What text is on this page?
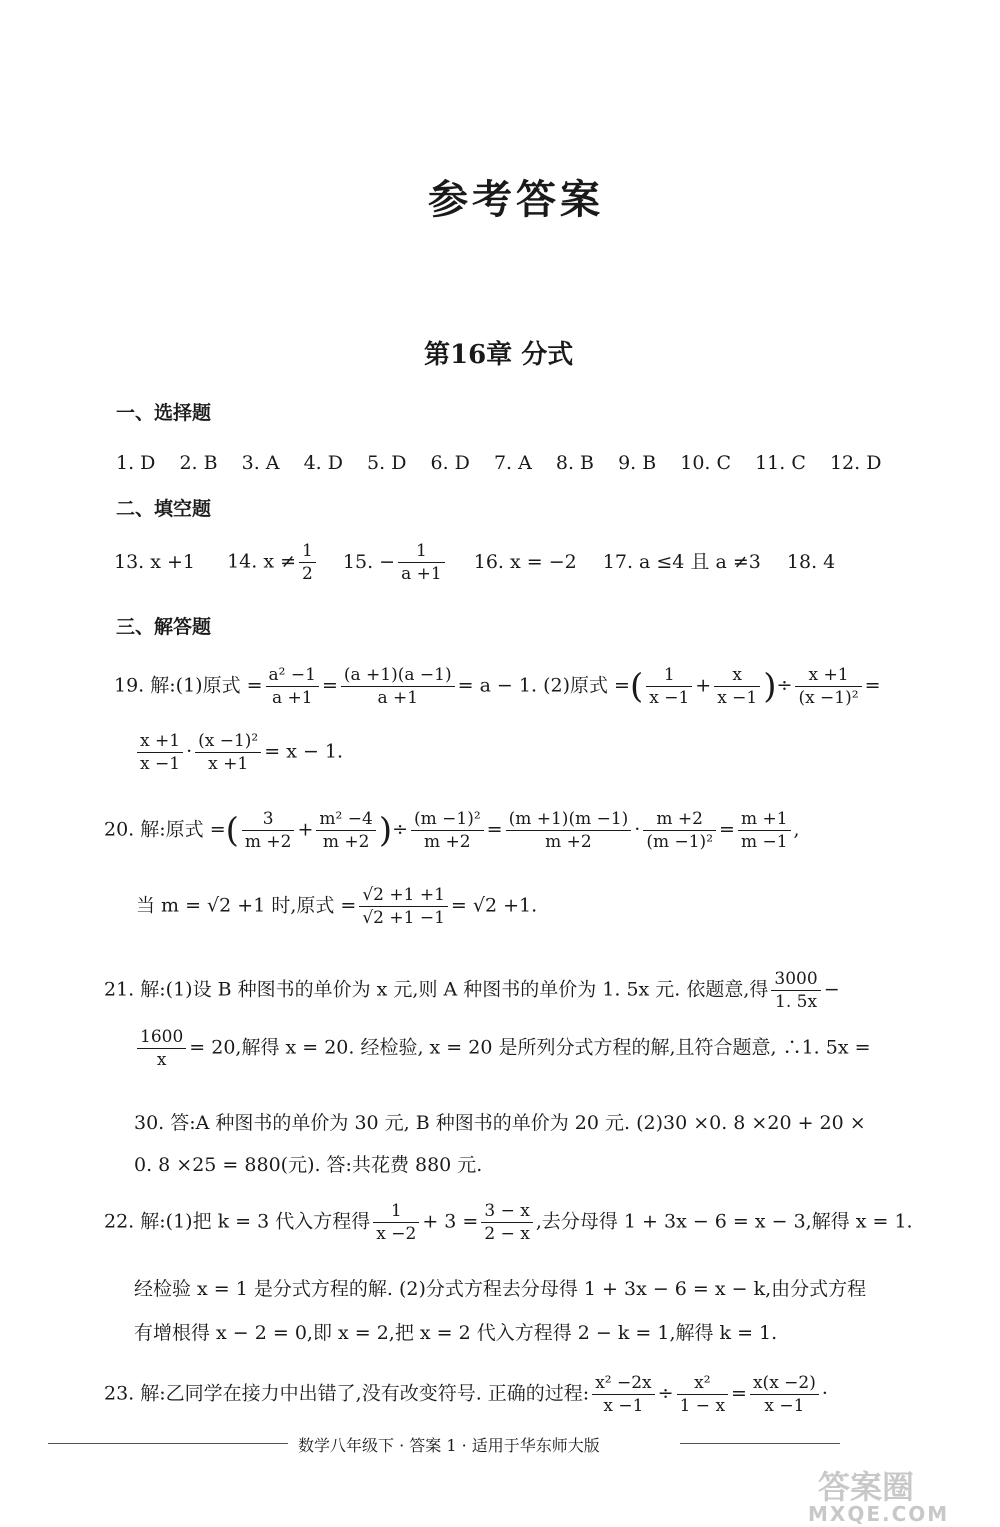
参考答案
第16章 分式
一、选择题
1. D 2. B 3. A 4. D 5. D 6. D 7. A 8. B 9. B 10. C 11. C 12. D
二、填空题
13. x +1 14. $x \ne \frac{1}{2} 15$. − $\frac{1}{a +1} 16$. x = −2 17. a ≤4 且 a ≠3 18. 4
三、解答题
19. 解:(1)原式 = $\frac{\text{a² −1}}{a +1} = \frac{(a +1)(a -1)}{a +1} = a - 1$. (2)原式 =( $\frac{1}{x -1} + \frac{x}{x -1}$ )÷ $\frac{x +1}{\text{(x −1)²}}$ =
$\frac{x +1}{x -1} \cdot \frac{\text{(x −1)²}}{x +1} = x - 1$.
20. 解:原式 =( $\frac{3}{m +2} + \frac{\text{m² −4}}{m +2}$ )÷ $\frac{\text{(m −1)²}}{m +2} = \frac{(m +1)(m -1)}{m +2} \cdot \frac{m +2}{\text{(m −1)²}} = \frac{m +1}{m -1}$ ,
当 m = √2 +1 时,原式 = $\frac{√2 +1 +1}{√2 +1 -1} = √2 +1$.
21. 解:(1)设 B 种图书的单价为 x 元,则 A 种图书的单价为 1. 5x 元. 依题意,得 $\frac{3000}{1. 5x}$ −
$\frac{1600}{x} = 20$,解得 x = 20. 经检验, x = 20 是所列分式方程的解,且符合题意, ∴1. 5x =
30. 答:A 种图书的单价为 30 元, B 种图书的单价为 20 元. (2)30 ×0. 8 ×20 + 20 ×
0. 8 ×25 = 880(元). 答:共花费 880 元.
22. 解:(1)把 k = 3 代入方程得 $\frac{1}{x -2} + 3 = \frac{3 - x}{2 - x}$ ,去分母得 1 + 3x − 6 = x − 3,解得 x = 1.
经检验 x = 1 是分式方程的解. (2)分式方程去分母得 1 + 3x − 6 = x − k,由分式方程
有增根得 x − 2 = 0,即 x = 2,把 x = 2 代入方程得 2 − k = 1,解得 k = 1.
23. 解:乙同学在接力中出错了,没有改变符号. 正确的过程: $\frac{\text{x² −2x}}{x -1} \div \frac{\text{x²}}{1 - x} = \frac{x(x -2)}{x -1}$ ·
数学八年级下 · 答案 1 · 适用于华东师大版
答案圈
MXQE.COM
